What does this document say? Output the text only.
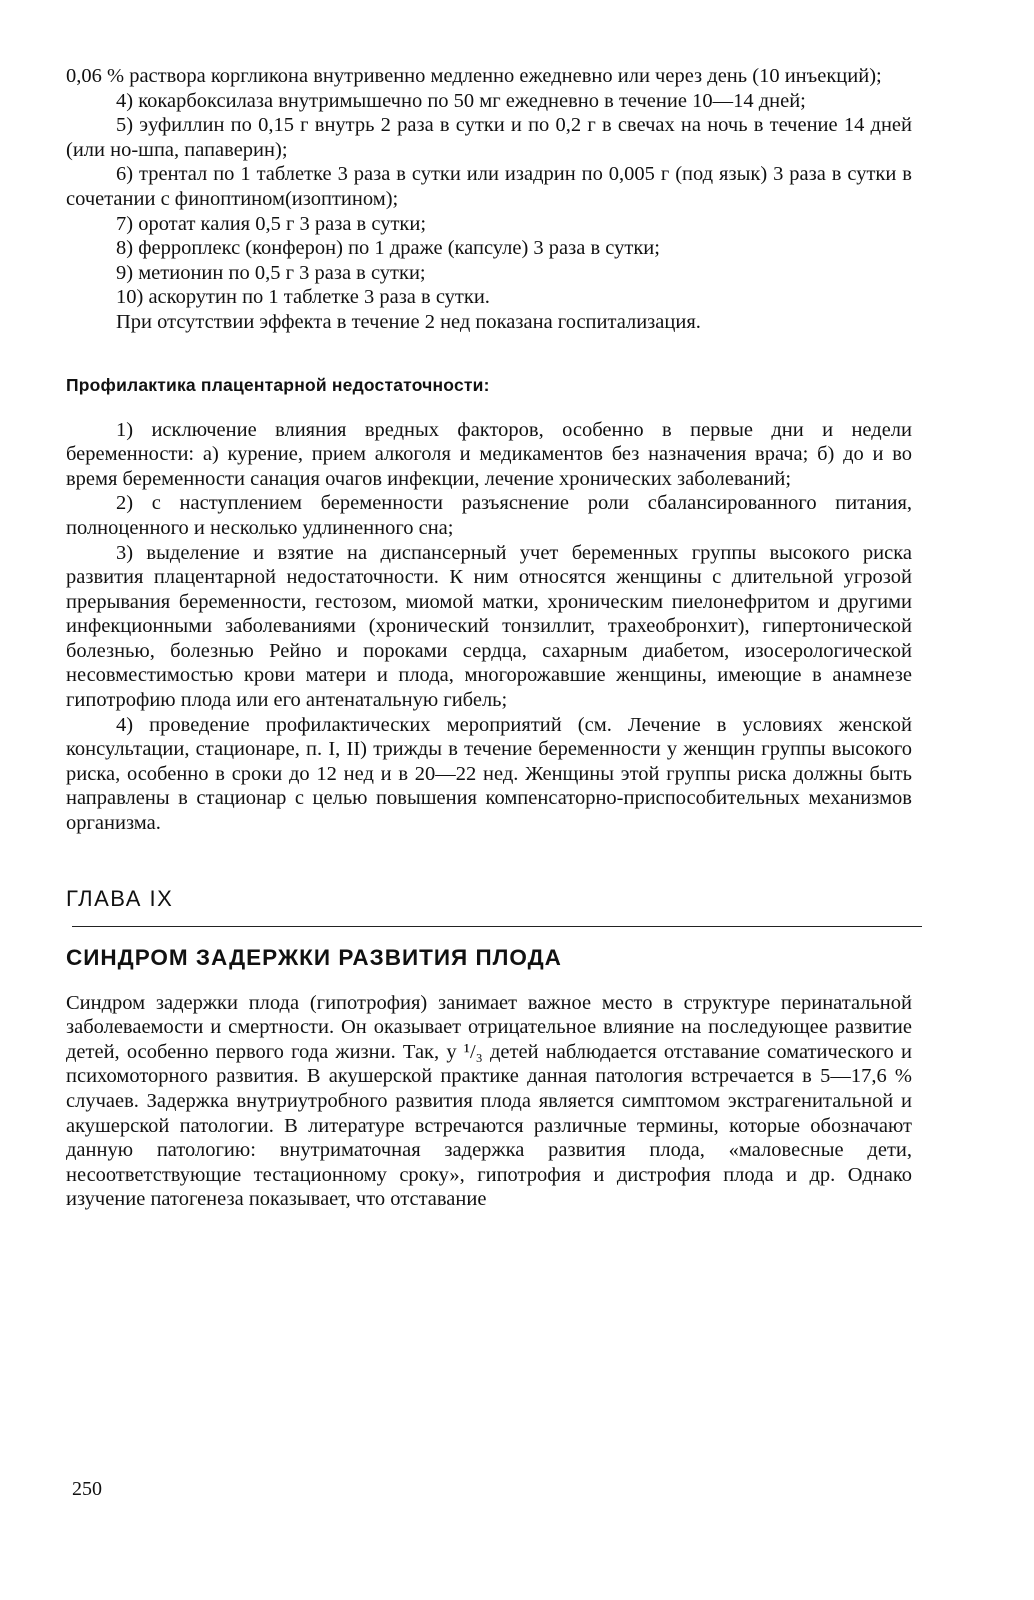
0,06 % раствора коргликона внутривенно медленно ежедневно или через день (10 инъекций);

4) кокарбоксилаза внутримышечно по 50 мг ежедневно в течение 10—14 дней;

5) эуфиллин по 0,15 г внутрь 2 раза в сутки и по 0,2 г в свечах на ночь в течение 14 дней (или но-шпа, папаверин);

6) трентал по 1 таблетке 3 раза в сутки или изадрин по 0,005 г (под язык) 3 раза в сутки в сочетании с финоптином(изоптином);

7) оротат калия 0,5 г 3 раза в сутки;

8) ферроплекс (конферон) по 1 драже (капсуле) 3 раза в сутки;

9) метионин по 0,5 г 3 раза в сутки;

10) аскорутин по 1 таблетке 3 раза в сутки.

При отсутствии эффекта в течение 2 нед показана госпитализация.

Профилактика плацентарной недостаточности:

1) исключение влияния вредных факторов, особенно в первые дни и недели беременности: а) курение, прием алкоголя и медикаментов без назначения врача; б) до и во время беременности санация очагов инфекции, лечение хронических заболеваний;

2) с наступлением беременности разъяснение роли сбалансированного питания, полноценного и несколько удлиненного сна;

3) выделение и взятие на диспансерный учет беременных группы высокого риска развития плацентарной недостаточности. К ним относятся женщины с длительной угрозой прерывания беременности, гестозом, миомой матки, хроническим пиелонефритом и другими инфекционными заболеваниями (хронический тонзиллит, трахеобронхит), гипертонической болезнью, болезнью Рейно и пороками сердца, сахарным диабетом, изосерологической несовместимостью крови матери и плода, многорожавшие женщины, имеющие в анамнезе гипотрофию плода или его антенатальную гибель;

4) проведение профилактических мероприятий (см. Лечение в условиях женской консультации, стационаре, п. I, II) трижды в течение беременности у женщин группы высокого риска, особенно в сроки до 12 нед и в 20—22 нед. Женщины этой группы риска должны быть направлены в стационар с целью повышения компенсаторно-приспособительных механизмов организма.

ГЛАВА IX
СИНДРОМ ЗАДЕРЖКИ РАЗВИТИЯ ПЛОДА

Синдром задержки плода (гипотрофия) занимает важное место в структуре перинатальной заболеваемости и смертности. Он оказывает отрицательное влияние на последующее развитие детей, особенно первого года жизни. Так, у ¹/₃ детей наблюдается отставание соматического и психомоторного развития. В акушерской практике данная патология встречается в 5—17,6 % случаев. Задержка внутриутробного развития плода является симптомом экстрагенитальной и акушерской патологии. В литературе встречаются различные термины, которые обозначают данную патологию: внутриматочная задержка развития плода, «маловесные дети, несоответствующие тестационному сроку», гипотрофия и дистрофия плода и др. Однако изучение патогенеза показывает, что отставание

250
